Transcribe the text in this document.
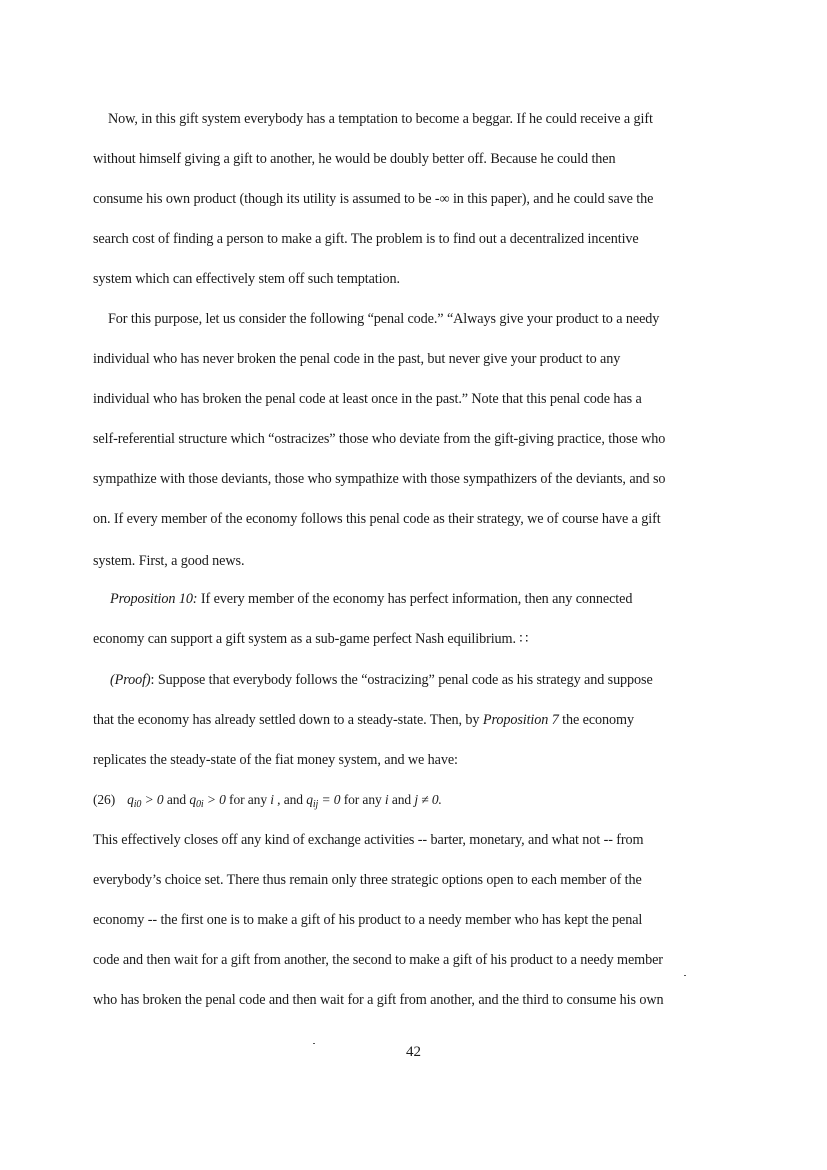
Now, in this gift system everybody has a temptation to become a beggar. If he could receive a gift
without himself giving a gift to another, he would be doubly better off. Because he could then
consume his own product (though its utility is assumed to be -∞ in this paper), and he could save the
search cost of finding a person to make a gift. The problem is to find out a decentralized incentive
system which can effectively stem off such temptation.
For this purpose, let us consider the following “penal code.” “Always give your product to a needy
individual who has never broken the penal code in the past, but never give your product to any
individual who has broken the penal code at least once in the past.” Note that this penal code has a
self-referential structure which “ostracizes” those who deviate from the gift-giving practice, those who
sympathize with those deviants, those who sympathize with those sympathizers of the deviants, and so
on. If every member of the economy follows this penal code as their strategy, we of course have a gift
system. First, a good news.
Proposition 10: If every member of the economy has perfect information, then any connected
economy can support a gift system as a sub-game perfect Nash equilibrium. ∷
(Proof): Suppose that everybody follows the “ostracizing” penal code as his strategy and suppose
that the economy has already settled down to a steady-state. Then, by Proposition 7 the economy
replicates the steady-state of the fiat money system, and we have:
(26) $q_{i0} > 0$ and $q_{0i} > 0$ for any i , and $q_{ij} = 0$ for any i and j ≠ 0.
This effectively closes off any kind of exchange activities -- barter, monetary, and what not -- from
everybody’s choice set. There thus remain only three strategic options open to each member of the
economy -- the first one is to make a gift of his product to a needy member who has kept the penal
code and then wait for a gift from another, the second to make a gift of his product to a needy member
who has broken the penal code and then wait for a gift from another, and the third to consume his own
42
